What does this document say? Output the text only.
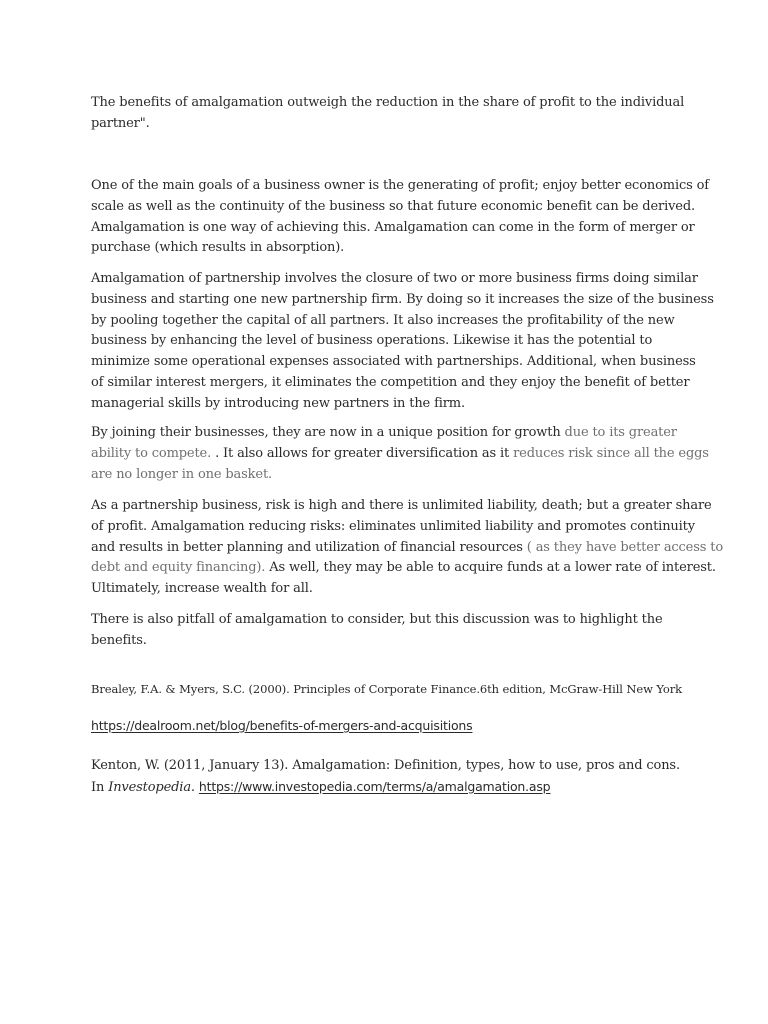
The benefits of amalgamation outweigh the reduction in the share of profit to the individual
partner".

One of the main goals of a business owner is the generating of profit; enjoy better economics of
scale as well as the continuity of the business so that future economic benefit can be derived.
Amalgamation is one way of achieving this. Amalgamation can come in the form of merger or
purchase (which results in absorption).

Amalgamation of partnership involves the closure of two or more business firms doing similar
business and starting one new partnership firm. By doing so it increases the size of the business
by pooling together the capital of all partners. It also increases the profitability of the new
business by enhancing the level of business operations. Likewise it has the potential to
minimize some operational expenses associated with partnerships. Additional, when business
of similar interest mergers, it eliminates the competition and they enjoy the benefit of better
managerial skills by introducing new partners in the firm.

By joining their businesses, they are now in a unique position for growth due to its greater
ability to compete. . It also allows for greater diversification as it reduces risk since all the eggs
are no longer in one basket.

As a partnership business, risk is high and there is unlimited liability, death; but a greater share
of profit. Amalgamation reducing risks: eliminates unlimited liability and promotes continuity
and results in better planning and utilization of financial resources ( as they have better access to
debt and equity financing). As well, they may be able to acquire funds at a lower rate of interest.
Ultimately, increase wealth for all.

There is also pitfall of amalgamation to consider, but this discussion was to highlight the
benefits.

Brealey, F.A. & Myers, S.C. (2000). Principles of Corporate Finance.6th edition, McGraw-Hill New York

https://dealroom.net/blog/benefits-of-mergers-and-acquisitions

Kenton, W. (2011, January 13). Amalgamation: Definition, types, how to use, pros and cons.
In Investopedia. https://www.investopedia.com/terms/a/amalgamation.asp
